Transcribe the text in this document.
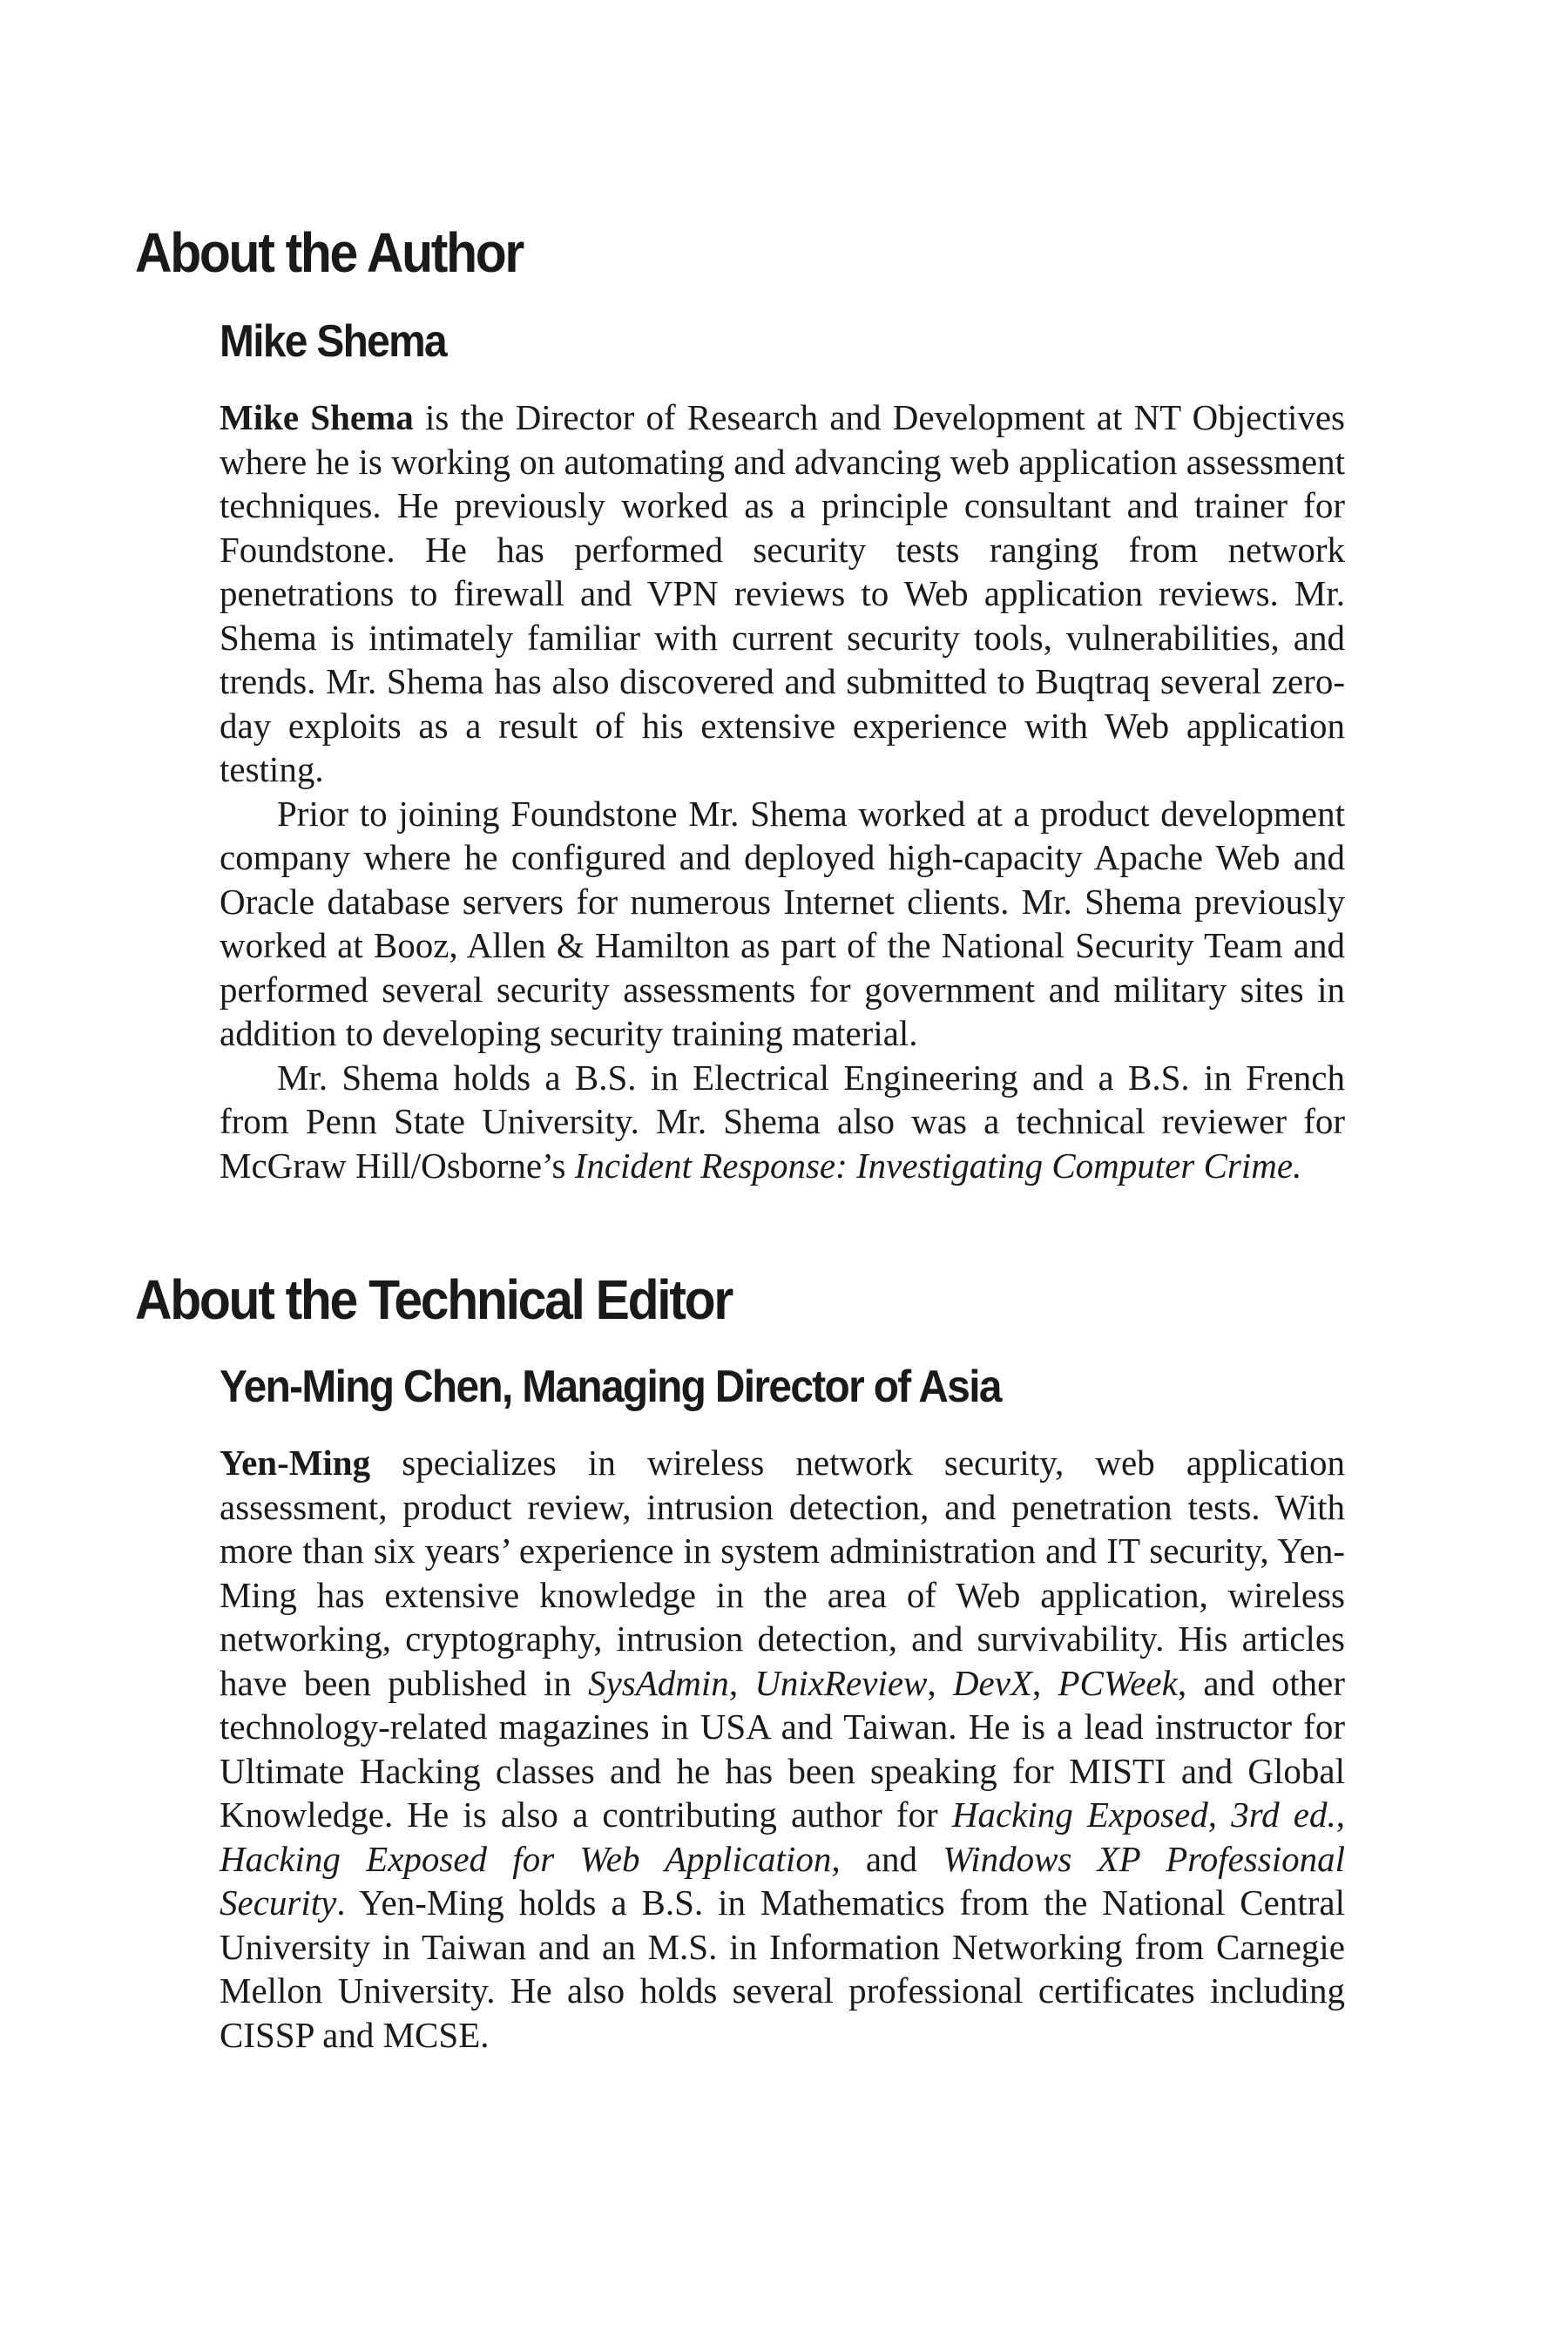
About the Author
Mike Shema

Mike Shema is the Director of Research and Development at NT Objectives where he is working on automating and advancing web application assessment techniques. He previously worked as a principle consultant and trainer for Foundstone. He has performed security tests ranging from network penetrations to firewall and VPN reviews to Web application reviews. Mr. Shema is intimately familiar with current security tools, vulnerabilities, and trends. Mr. Shema has also discovered and submitted to Buqtraq several zero-day exploits as a result of his extensive experience with Web application testing.

Prior to joining Foundstone Mr. Shema worked at a product development company where he configured and deployed high-capacity Apache Web and Oracle database servers for numerous Internet clients. Mr. Shema previously worked at Booz, Allen & Hamilton as part of the National Security Team and performed several security assessments for government and military sites in addition to developing security training material.

Mr. Shema holds a B.S. in Electrical Engineering and a B.S. in French from Penn State University. Mr. Shema also was a technical reviewer for McGraw Hill/Osborne’s Incident Response: Investigating Computer Crime.

About the Technical Editor
Yen-Ming Chen, Managing Director of Asia

Yen-Ming specializes in wireless network security, web application assessment, product review, intrusion detection, and penetration tests. With more than six years’ experience in system administration and IT security, Yen-Ming has extensive knowledge in the area of Web application, wireless networking, cryptography, intrusion detection, and survivability. His articles have been published in SysAdmin, UnixReview, DevX, PCWeek, and other technology-related magazines in USA and Taiwan. He is a lead instructor for Ultimate Hacking classes and he has been speaking for MISTI and Global Knowledge. He is also a contributing author for Hacking Exposed, 3rd ed., Hacking Exposed for Web Application, and Windows XP Professional Security. Yen-Ming holds a B.S. in Mathematics from the National Central University in Taiwan and an M.S. in Information Networking from Carnegie Mellon University. He also holds several professional certificates including CISSP and MCSE.
